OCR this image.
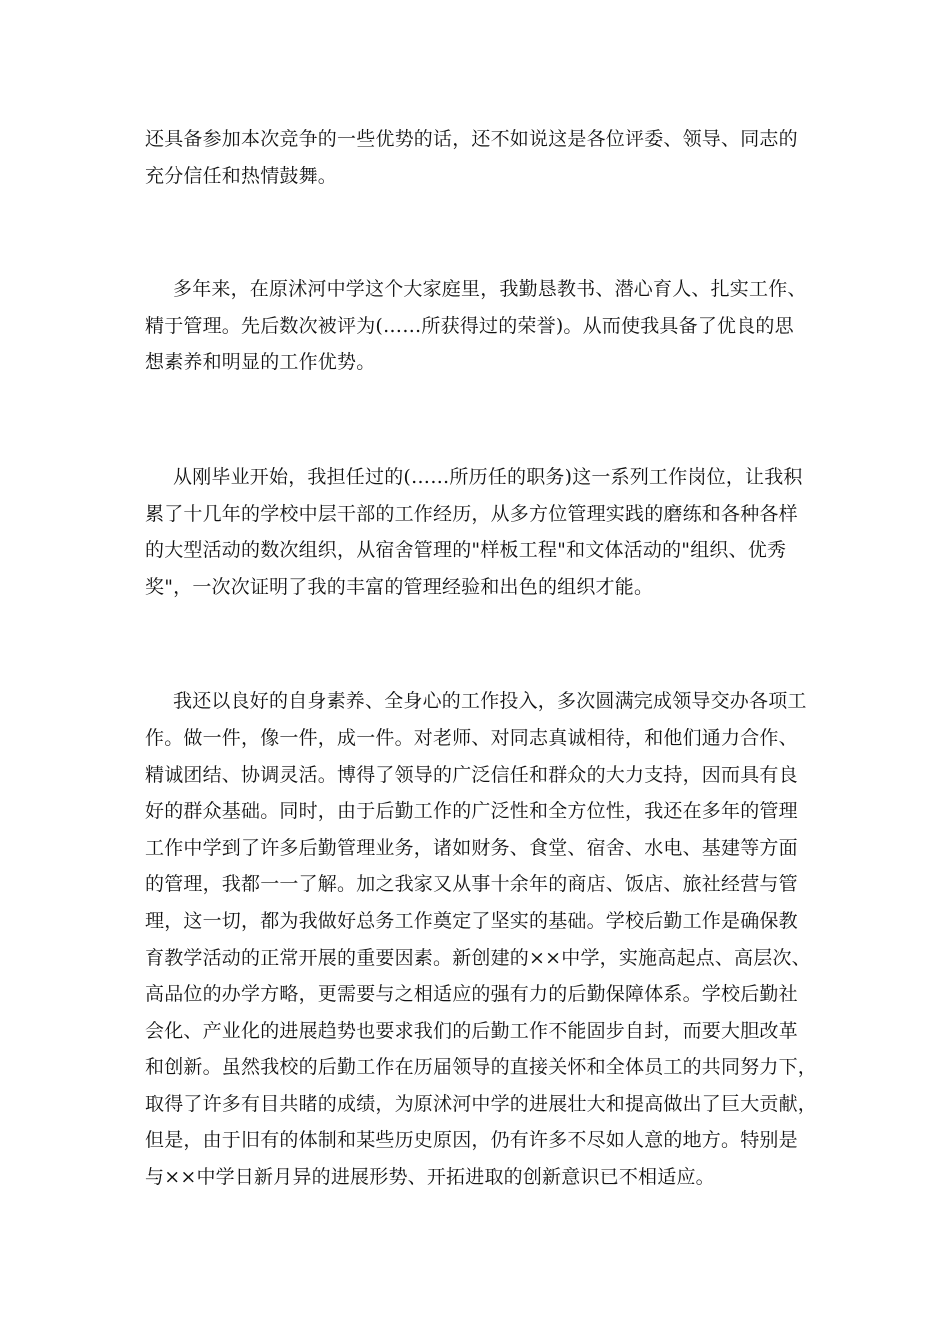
还具备参加本次竞争的一些优势的话，还不如说这是各位评委、领导、同志的
充分信任和热情鼓舞。

多年来，在原沭河中学这个大家庭里，我勤恳教书、潜心育人、扎实工作、
精于管理。先后数次被评为(……所获得过的荣誉)。从而使我具备了优良的思
想素养和明显的工作优势。

从刚毕业开始，我担任过的(……所历任的职务)这一系列工作岗位，让我积
累了十几年的学校中层干部的工作经历，从多方位管理实践的磨练和各种各样
的大型活动的数次组织，从宿舍管理的"样板工程"和文体活动的"组织、优秀
奖"，一次次证明了我的丰富的管理经验和出色的组织才能。

我还以良好的自身素养、全身心的工作投入，多次圆满完成领导交办各项工
作。做一件，像一件，成一件。对老师、对同志真诚相待，和他们通力合作、
精诚团结、协调灵活。博得了领导的广泛信任和群众的大力支持，因而具有良
好的群众基础。同时，由于后勤工作的广泛性和全方位性，我还在多年的管理
工作中学到了许多后勤管理业务，诸如财务、食堂、宿舍、水电、基建等方面
的管理，我都一一了解。加之我家又从事十余年的商店、饭店、旅社经营与管
理，这一切，都为我做好总务工作奠定了坚实的基础。学校后勤工作是确保教
育教学活动的正常开展的重要因素。新创建的××中学，实施高起点、高层次、
高品位的办学方略，更需要与之相适应的强有力的后勤保障体系。学校后勤社
会化、产业化的进展趋势也要求我们的后勤工作不能固步自封，而要大胆改革
和创新。虽然我校的后勤工作在历届领导的直接关怀和全体员工的共同努力下，
取得了许多有目共睹的成绩，为原沭河中学的进展壮大和提高做出了巨大贡献，
但是，由于旧有的体制和某些历史原因，仍有许多不尽如人意的地方。特别是
与××中学日新月异的进展形势、开拓进取的创新意识已不相适应。
